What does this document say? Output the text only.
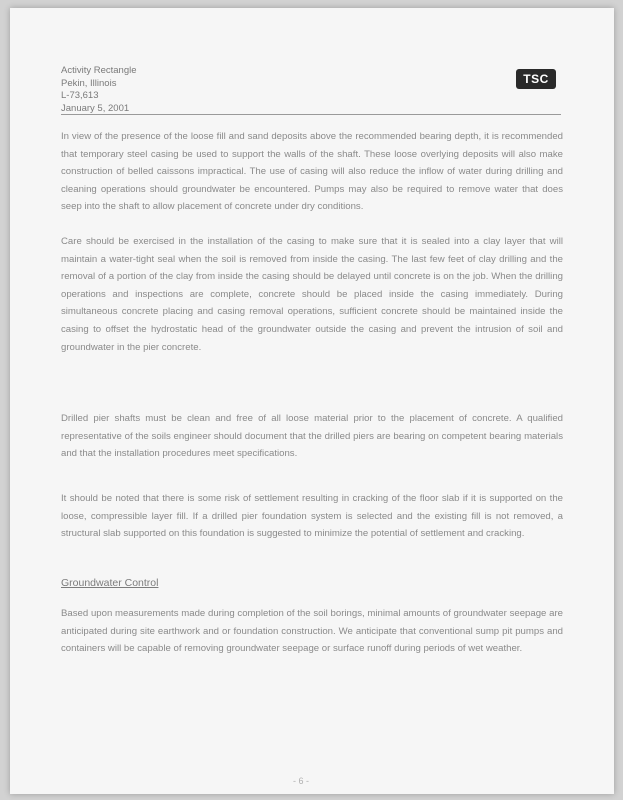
Activity Rectangle
Pekin, Illinois
L-73,613
January 5, 2001
TSC
In view of the presence of the loose fill and sand deposits above the recommended bearing depth, it is recommended that temporary steel casing be used to support the walls of the shaft. These loose overlying deposits will also make construction of belled caissons impractical. The use of casing will also reduce the inflow of water during drilling and cleaning operations should groundwater be encountered. Pumps may also be required to remove water that does seep into the shaft to allow placement of concrete under dry conditions.
Care should be exercised in the installation of the casing to make sure that it is sealed into a clay layer that will maintain a water-tight seal when the soil is removed from inside the casing. The last few feet of clay drilling and the removal of a portion of the clay from inside the casing should be delayed until concrete is on the job. When the drilling operations and inspections are complete, concrete should be placed inside the casing immediately. During simultaneous concrete placing and casing removal operations, sufficient concrete should be maintained inside the casing to offset the hydrostatic head of the groundwater outside the casing and prevent the intrusion of soil and groundwater in the pier concrete.
Drilled pier shafts must be clean and free of all loose material prior to the placement of concrete. A qualified representative of the soils engineer should document that the drilled piers are bearing on competent bearing materials and that the installation procedures meet specifications.
It should be noted that there is some risk of settlement resulting in cracking of the floor slab if it is supported on the loose, compressible layer fill. If a drilled pier foundation system is selected and the existing fill is not removed, a structural slab supported on this foundation is suggested to minimize the potential of settlement and cracking.
Groundwater Control
Based upon measurements made during completion of the soil borings, minimal amounts of groundwater seepage are anticipated during site earthwork and or foundation construction. We anticipate that conventional sump pit pumps and containers will be capable of removing groundwater seepage or surface runoff during periods of wet weather.
- 6 -
